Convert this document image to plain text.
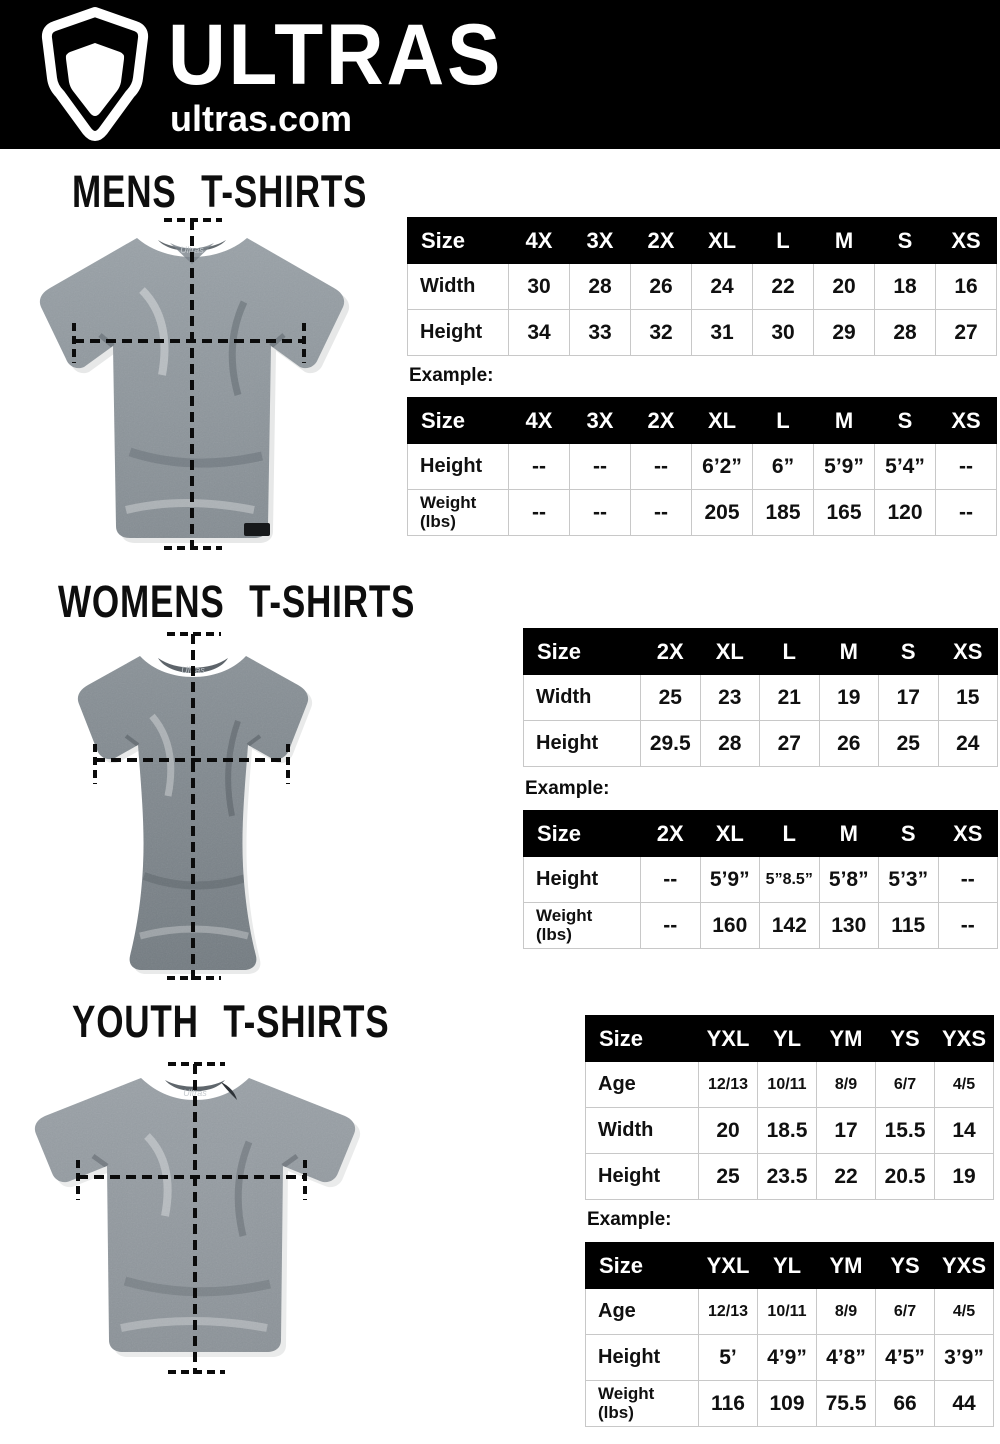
ULTRAS
ultras.com
MENS T-SHIRTS
Ultras	Size	4X	3X	2X	XL	L	M	S	XS
Width	30	28	26	24	22	20	18	16
Height	34	33	32	31	30	29	28	27
Example:
Size	4X	3X	2X	XL	L	M	S	XS
Height	--	--	--	6’2”	6”	5’9”	5’4”	--
Weight
(lbs)	--	--	--	205	185	165	120	--
WOMENS T-SHIRTS
Ultras
Size	2X	XL	L	M	S	XS
Width	25	23	21	19	17	15
Height	29.5	28	27	26	25	24
Example:
Size	2X	XL	L	M	S	XS
Height	--	5’9”	5”8.5”	5’8”	5’3”	--
Weight
(lbs)	--	160	142	130	115	--
YOUTH T-SHIRTS
Ultras
Size	YXL	YL	YM	YS	YXS
Age	12/13	10/11	8/9	6/7	4/5
Width	20	18.5	17	15.5	14
Height	25	23.5	22	20.5	19
Example:
Size	YXL	YL	YM	YS	YXS
Age	12/13	10/11	8/9	6/7	4/5
Height	5’	4’9”	4’8”	4’5”	3’9”
Weight
(lbs)	116	109	75.5	66	44
